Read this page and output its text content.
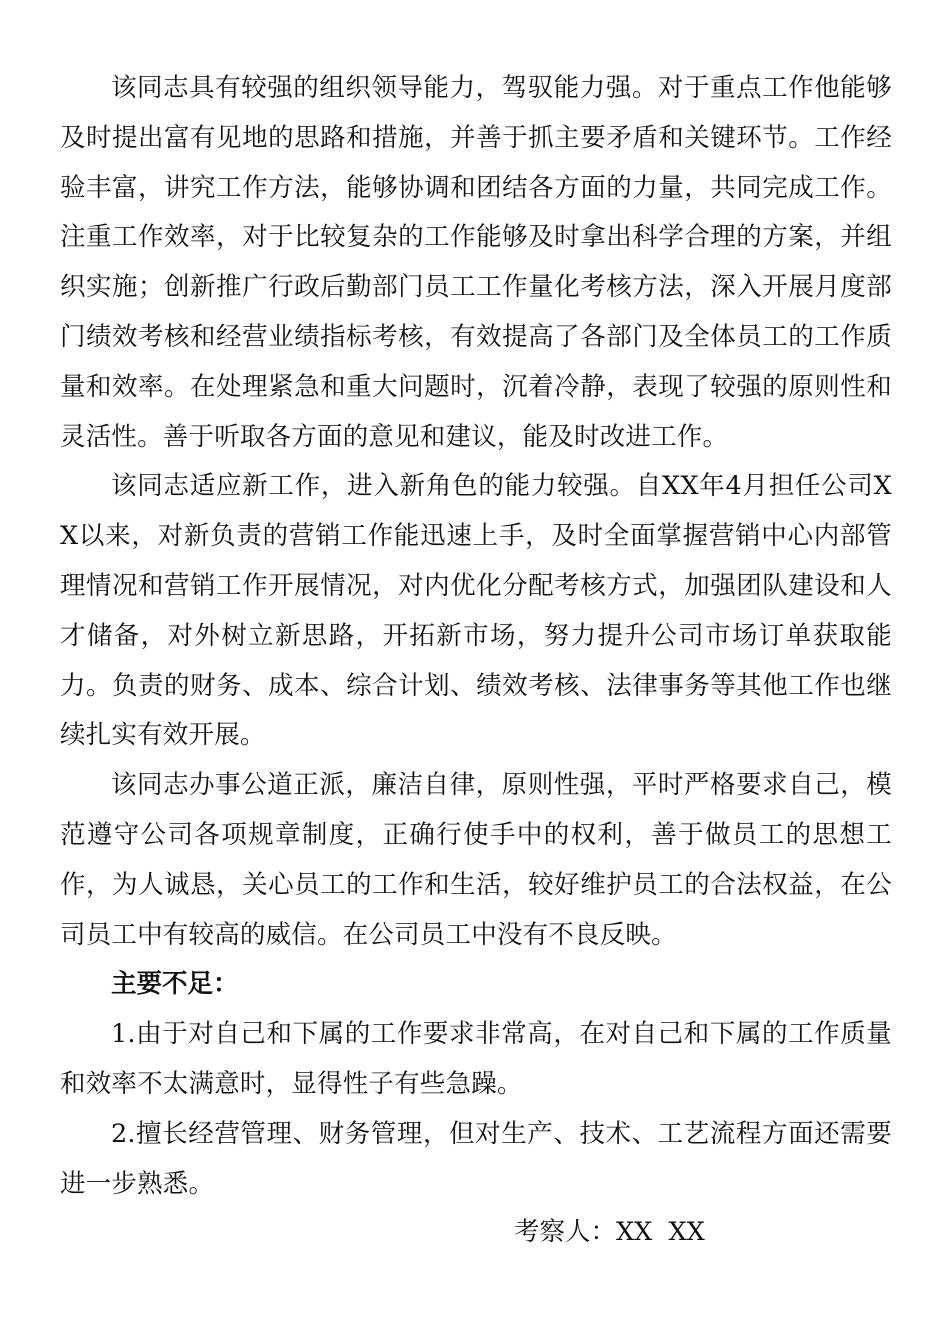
该同志具有较强的组织领导能力，驾驭能力强。对于重点工作他能够及时提出富有见地的思路和措施，并善于抓主要矛盾和关键环节。工作经验丰富，讲究工作方法，能够协调和团结各方面的力量，共同完成工作。注重工作效率，对于比较复杂的工作能够及时拿出科学合理的方案，并组织实施；创新推广行政后勤部门员工工作量化考核方法，深入开展月度部门绩效考核和经营业绩指标考核，有效提高了各部门及全体员工的工作质量和效率。在处理紧急和重大问题时，沉着冷静，表现了较强的原则性和灵活性。善于听取各方面的意见和建议，能及时改进工作。

该同志适应新工作，进入新角色的能力较强。自XX年4月担任公司XX以来，对新负责的营销工作能迅速上手，及时全面掌握营销中心内部管理情况和营销工作开展情况，对内优化分配考核方式，加强团队建设和人才储备，对外树立新思路，开拓新市场，努力提升公司市场订单获取能力。负责的财务、成本、综合计划、绩效考核、法律事务等其他工作也继续扎实有效开展。

该同志办事公道正派，廉洁自律，原则性强，平时严格要求自己，模范遵守公司各项规章制度，正确行使手中的权利，善于做员工的思想工作，为人诚恳，关心员工的工作和生活，较好维护员工的合法权益，在公司员工中有较高的威信。在公司员工中没有不良反映。

主要不足：

1.由于对自己和下属的工作要求非常高，在对自己和下属的工作质量和效率不太满意时，显得性子有些急躁。

2.擅长经营管理、财务管理，但对生产、技术、工艺流程方面还需要进一步熟悉。

考察人：XX  XX
